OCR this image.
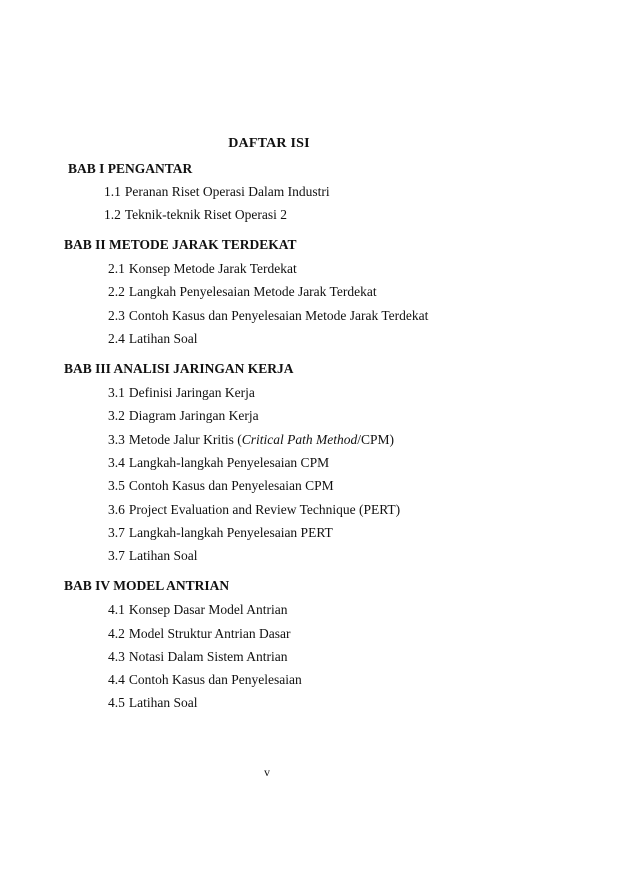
DAFTAR ISI
BAB I PENGANTAR
1.1 Peranan Riset Operasi Dalam Industri
1.2 Teknik-teknik Riset Operasi 2
BAB II METODE JARAK TERDEKAT
2.1 Konsep Metode Jarak Terdekat
2.2 Langkah Penyelesaian Metode Jarak Terdekat
2.3 Contoh Kasus dan Penyelesaian Metode Jarak Terdekat
2.4 Latihan Soal
BAB III ANALISI JARINGAN KERJA
3.1 Definisi Jaringan Kerja
3.2 Diagram Jaringan Kerja
3.3 Metode Jalur Kritis (Critical Path Method/CPM)
3.4 Langkah-langkah Penyelesaian CPM
3.5 Contoh Kasus dan Penyelesaian CPM
3.6 Project Evaluation and Review Technique (PERT)
3.7 Langkah-langkah Penyelesaian PERT
3.7 Latihan Soal
BAB IV MODEL ANTRIAN
4.1 Konsep Dasar Model Antrian
4.2 Model Struktur Antrian Dasar
4.3 Notasi Dalam Sistem Antrian
4.4 Contoh Kasus dan Penyelesaian
4.5 Latihan Soal
v
